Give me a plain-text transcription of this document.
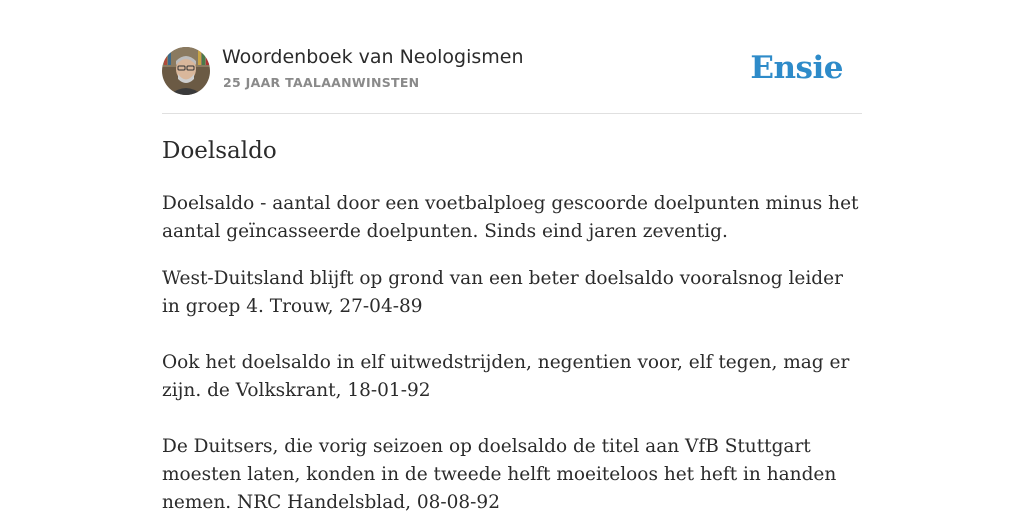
Woordenboek van Neologismen
25 JAAR TAALAANWINSTEN	Ensie
Doelsaldo

Doelsaldo - aantal door een voetbalploeg gescoorde doelpunten minus het aantal geïncasseerde doelpunten. Sinds eind jaren zeventig.

West-Duitsland blijft op grond van een beter doelsaldo vooralsnog leider in groep 4. Trouw, 27-04-89

Ook het doelsaldo in elf uitwedstrijden, negentien voor, elf tegen, mag er zijn. de Volkskrant, 18-01-92

De Duitsers, die vorig seizoen op doelsaldo de titel aan VfB Stuttgart moesten laten, konden in de tweede helft moeiteloos het heft in handen nemen. NRC Handelsblad, 08-08-92
